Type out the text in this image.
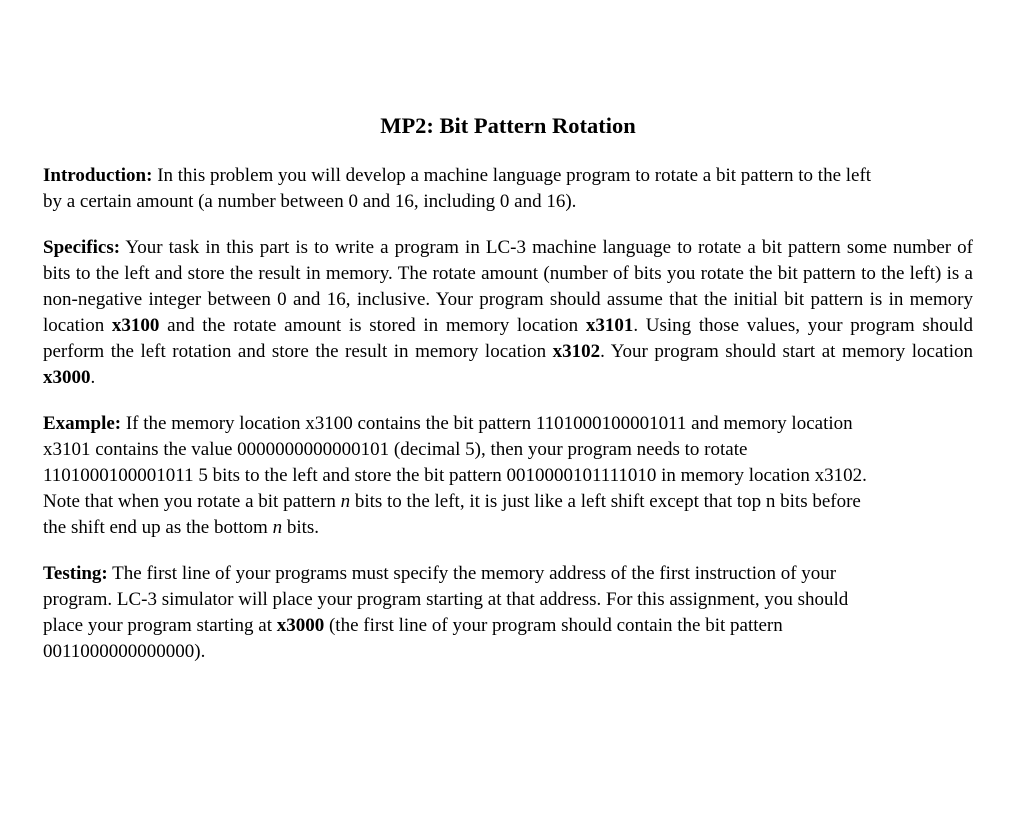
MP2: Bit Pattern Rotation

Introduction: In this problem you will develop a machine language program to rotate a bit pattern to the left
by a certain amount (a number between 0 and 16, including 0 and 16).

Specifics: Your task in this part is to write a program in LC-3 machine language to rotate a bit pattern some number of bits to the left and store the result in memory. The rotate amount (number of bits you rotate the bit pattern to the left) is a non-negative integer between 0 and 16, inclusive. Your program should assume that the initial bit pattern is in memory location x3100 and the rotate amount is stored in memory location x3101. Using those values, your program should perform the left rotation and store the result in memory location x3102. Your program should start at memory location x3000.

Example: If the memory location x3100 contains the bit pattern 1101000100001011 and memory location
x3101 contains the value 0000000000000101 (decimal 5), then your program needs to rotate
1101000100001011 5 bits to the left and store the bit pattern 0010000101111010 in memory location x3102.
Note that when you rotate a bit pattern n bits to the left, it is just like a left shift except that top n bits before
the shift end up as the bottom n bits.

Testing: The first line of your programs must specify the memory address of the first instruction of your
program. LC-3 simulator will place your program starting at that address. For this assignment, you should
place your program starting at x3000 (the first line of your program should contain the bit pattern
0011000000000000).
